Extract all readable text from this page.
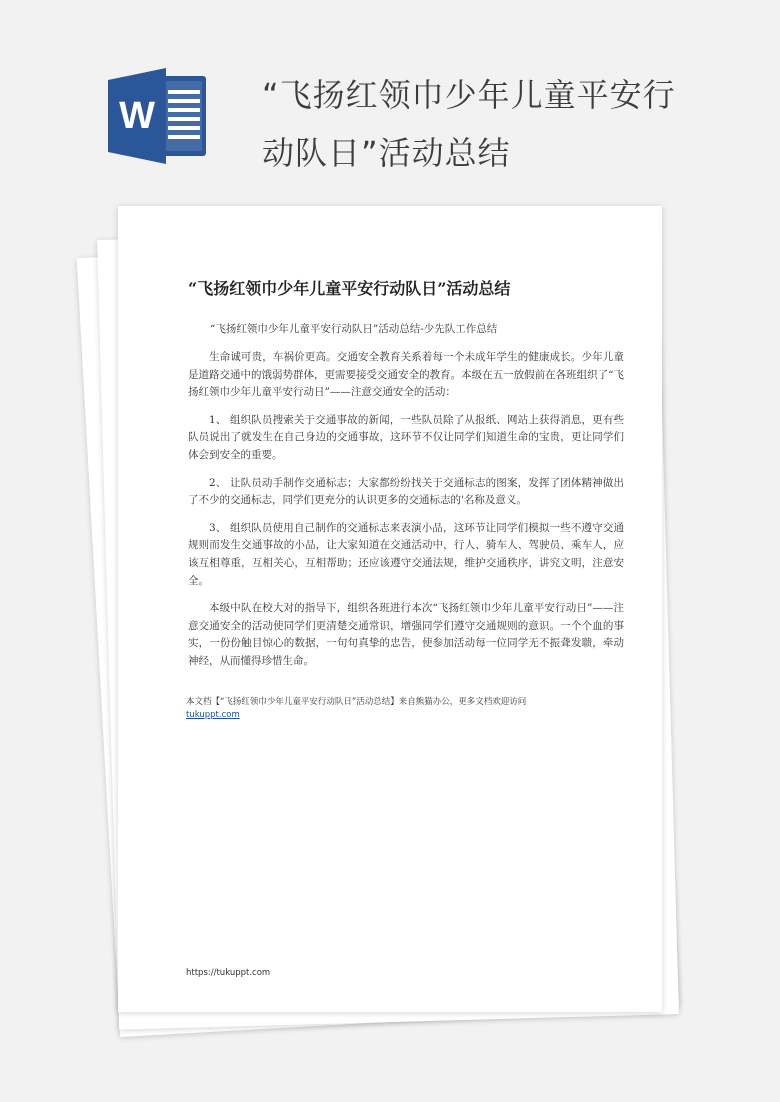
W	“飞扬红领巾少年儿童平安行
动队日”活动总结
“飞扬红领巾少年儿童平安行动队日”活动总结
“飞扬红领巾少年儿童平安行动队日”活动总结-少先队工作总结

生命诚可贵，车祸价更高。交通安全教育关系着每一个未成年学生的健康成长。少年儿童是道路交通中的饿弱势群体，更需要接受交通安全的教育。本级在五一放假前在各班组织了“飞扬红领巾少年儿童平安行动日”——注意交通安全的活动：

1、 组织队员搜索关于交通事故的新闻，一些队员除了从报纸、网站上获得消息，更有些队员说出了就发生在自己身边的交通事故，这环节不仅让同学们知道生命的宝贵，更让同学们体会到安全的重要。

2、 让队员动手制作交通标志；大家都纷纷找关于交通标志的图案，发挥了团体精神做出了不少的交通标志，同学们更充分的认识更多的交通标志的'名称及意义。

3、 组织队员使用自己制作的交通标志来表演小品，这环节让同学们模拟一些不遵守交通规则而发生交通事故的小品，让大家知道在交通活动中，行人、骑车人、驾驶员、乘车人，应该互相尊重，互相关心，互相帮助；还应该遵守交通法规，维护交通秩序，讲究文明，注意安全。

本级中队在校大对的指导下，组织各班进行本次“飞扬红领巾少年儿童平安行动日”——注意交通安全的活动使同学们更清楚交通常识，增强同学们遵守交通规则的意识。一个个血的事实，一份份触目惊心的数据，一句句真挚的忠告，使参加活动每一位同学无不振聋发聩，牵动神经，从而懂得珍惜生命。

本文档【“飞扬红领巾少年儿童平安行动队日”活动总结】来自熊猫办公，更多文档欢迎访问
tukuppt.com
https://tukuppt.com
